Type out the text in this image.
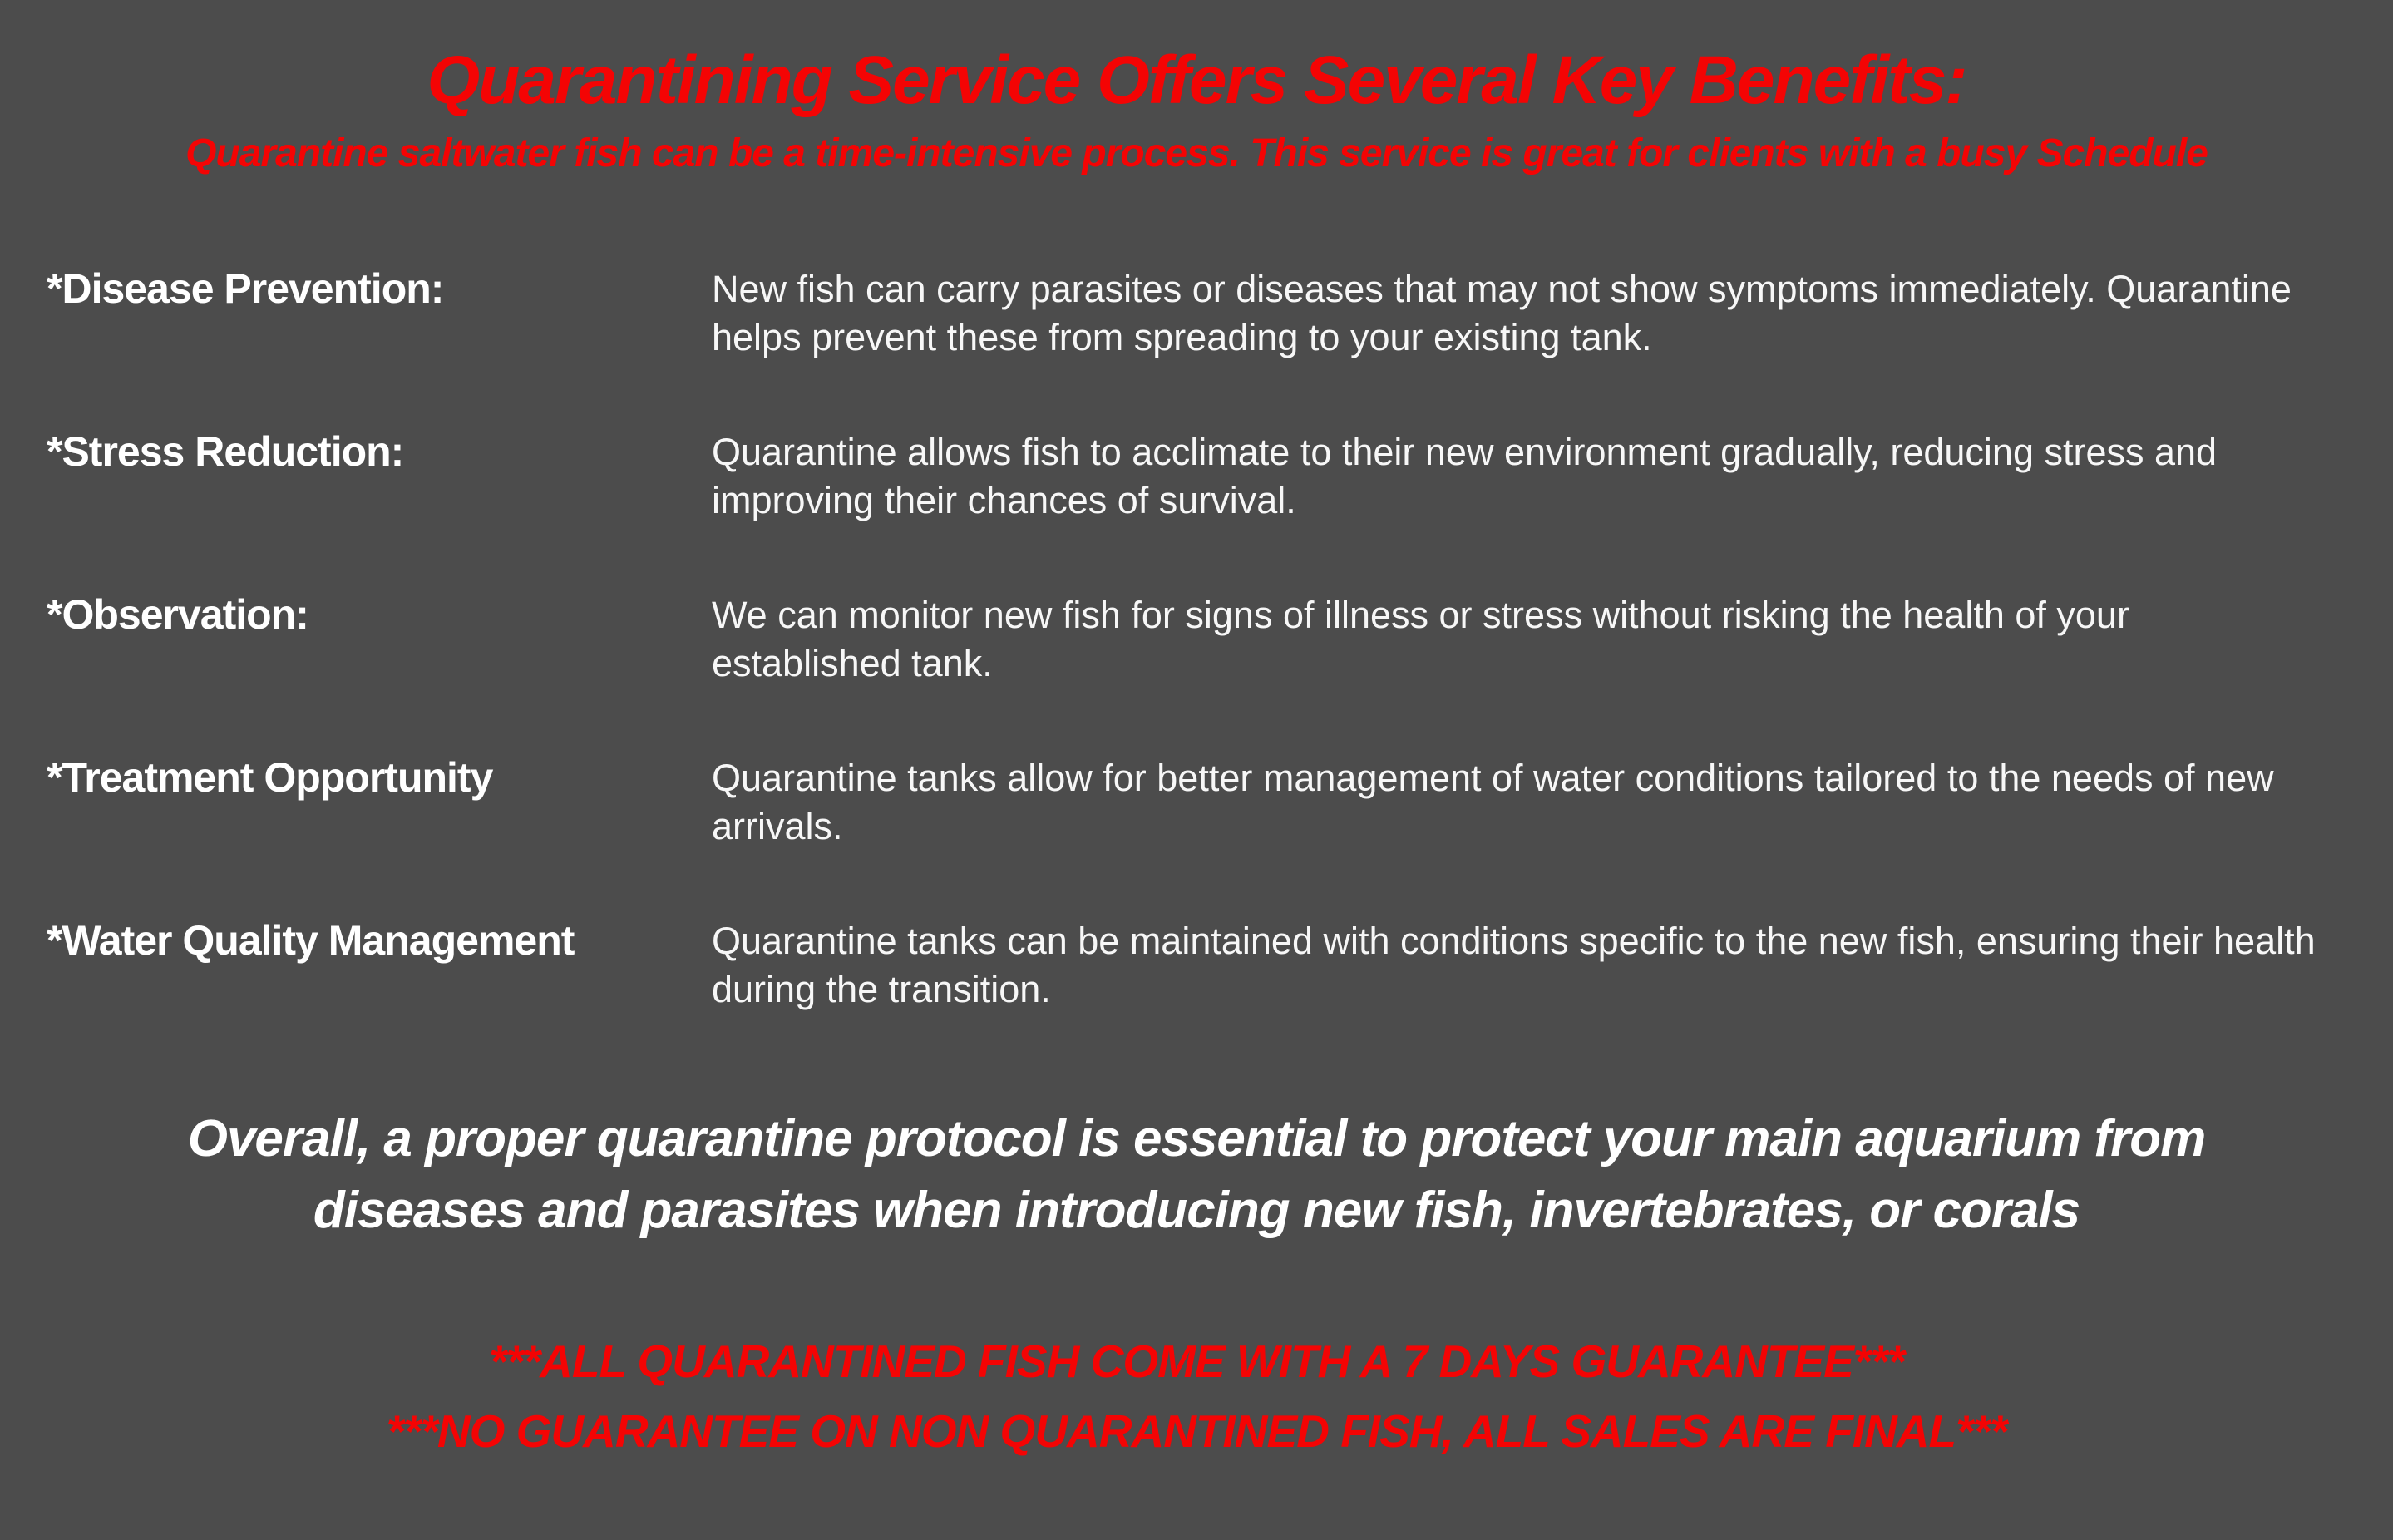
Quarantining Service Offers Several Key Benefits:
Quarantine saltwater fish can be a time-intensive process. This service is great for clients with a busy Schedule
*Disease Prevention:	New fish can carry parasites or diseases that may not show symptoms immediately. Quarantine helps prevent these from spreading to your existing tank.
*Stress Reduction:	Quarantine allows fish to acclimate to their new environment gradually, reducing stress and improving their chances of survival.
*Observation:	We can monitor new fish for signs of illness or stress without risking the health of your established tank.
*Treatment Opportunity	Quarantine tanks allow for better management of water conditions tailored to the needs of new arrivals.
*Water Quality Management	Quarantine tanks can be maintained with conditions specific to the new fish, ensuring their health during the transition.
Overall, a proper quarantine protocol is essential to protect your main aquarium from diseases and parasites when introducing new fish, invertebrates, or corals
***ALL QUARANTINED FISH COME WITH A 7 DAYS GUARANTEE***
***NO GUARANTEE ON NON QUARANTINED FISH, ALL SALES ARE FINAL***
